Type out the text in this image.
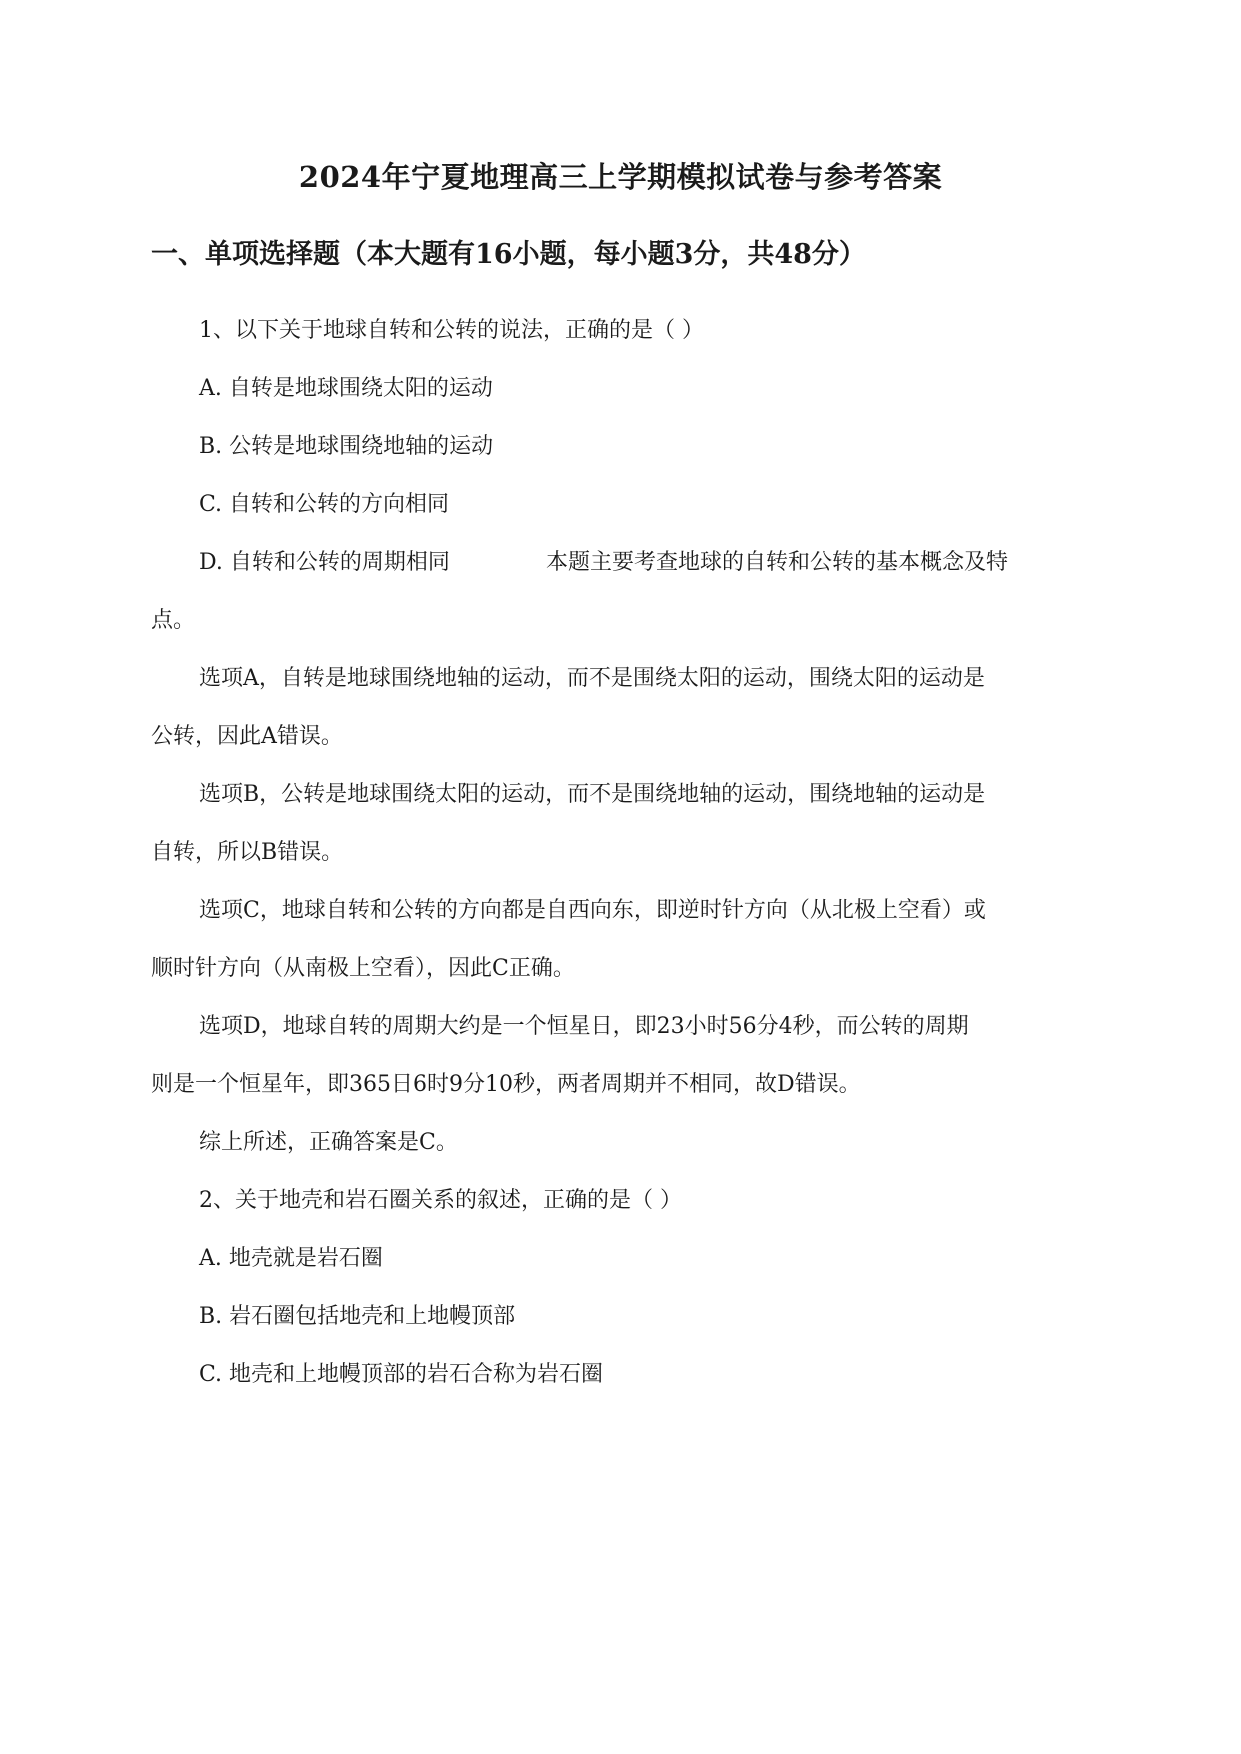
2024年宁夏地理高三上学期模拟试卷与参考答案
一、单项选择题（本大题有16小题，每小题3分，共48分）

1、以下关于地球自转和公转的说法，正确的是（ ）

A. 自转是地球围绕太阳的运动

B. 公转是地球围绕地轴的运动

C. 自转和公转的方向相同

D. 自转和公转的周期相同	本题主要考查地球的自转和公转的基本概念及特

点。

选项A，自转是地球围绕地轴的运动，而不是围绕太阳的运动，围绕太阳的运动是

公转，因此A错误。

选项B，公转是地球围绕太阳的运动，而不是围绕地轴的运动，围绕地轴的运动是

自转，所以B错误。

选项C，地球自转和公转的方向都是自西向东，即逆时针方向（从北极上空看）或

顺时针方向（从南极上空看），因此C正确。

选项D，地球自转的周期大约是一个恒星日，即23小时56分4秒，而公转的周期

则是一个恒星年，即365日6时9分10秒，两者周期并不相同，故D错误。

综上所述，正确答案是C。

2、关于地壳和岩石圈关系的叙述，正确的是（ ）

A. 地壳就是岩石圈

B. 岩石圈包括地壳和上地幔顶部

C. 地壳和上地幔顶部的岩石合称为岩石圈
